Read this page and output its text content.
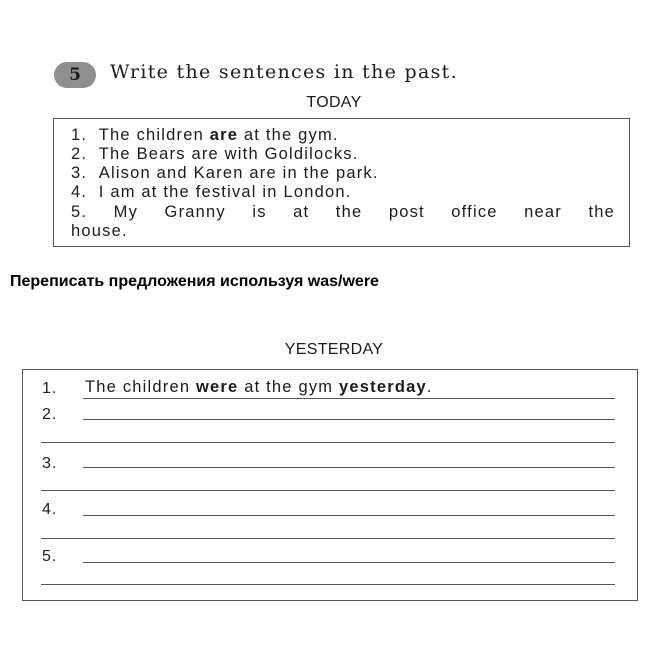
5	Write the sentences in the past.
TODAY
1. The children are at the gym.
2. The Bears are with Goldilocks.
3. Alison and Karen are in the park.
4. I am at the festival in London.
5. My Granny is at the post office near the
house.
Переписать предложения используя was/were
YESTERDAY
1. The children were at the gym yesterday.
2.
3.
4.
5.
